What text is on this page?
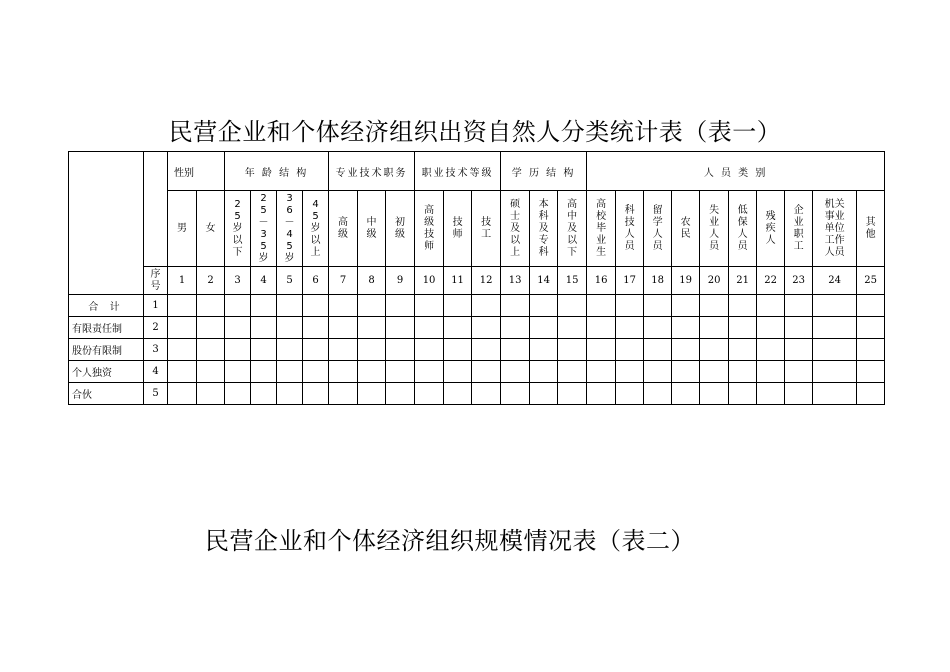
民营企业和个体经济组织出资自然人分类统计表（表一）
		性别		年 龄 结 构				专业技术职务			职业技术等级			学 历 结 构			人 员 类 别									
		男	女	25岁以下	25－35岁	36－45岁	45岁以上	高级	中级	初级	高级技师	技师	技工	硕士及以上	本科及专科	高中及以下	高校毕业生	科技人员	留学人员	农民	失业人员	低保人员	残疾人	企业职工	机关事业单位工作人员	其他
	序号	1	2	3	4	5	6	7	8	9	10	11	12	13	14	15	16	17	18	19	20	21	22	23	24	25
合 计	1																									
有限责任制	2																									
股份有限制	3																									
个人独资	4																									
合伙	5																									
民营企业和个体经济组织规模情况表（表二）
